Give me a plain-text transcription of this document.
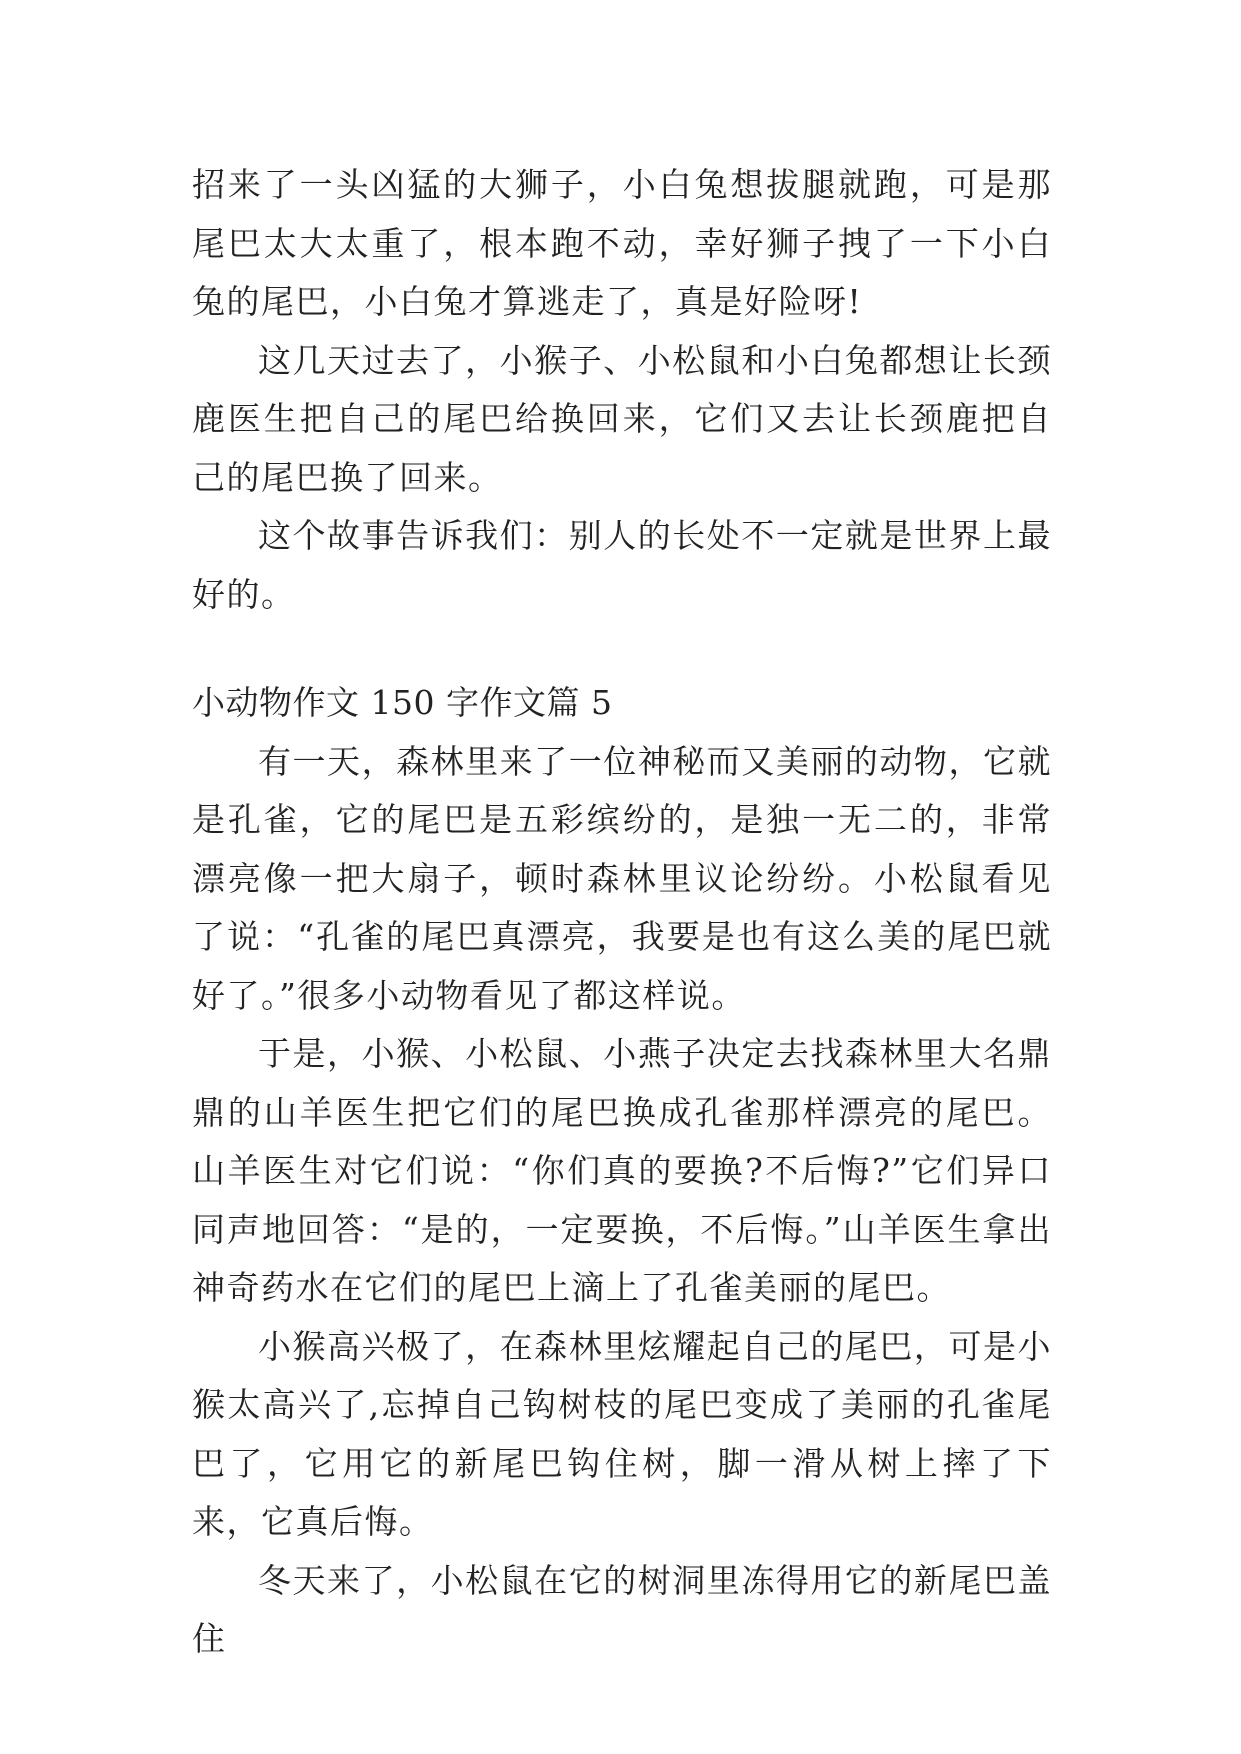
招来了一头凶猛的大狮子，小白兔想拔腿就跑，可是那尾巴太大太重了，根本跑不动，幸好狮子拽了一下小白兔的尾巴，小白兔才算逃走了，真是好险呀!

这几天过去了，小猴子、小松鼠和小白兔都想让长颈鹿医生把自己的尾巴给换回来，它们又去让长颈鹿把自己的尾巴换了回来。

这个故事告诉我们：别人的长处不一定就是世界上最好的。

小动物作文 150 字作文篇 5

有一天，森林里来了一位神秘而又美丽的动物，它就是孔雀，它的尾巴是五彩缤纷的，是独一无二的，非常漂亮像一把大扇子，顿时森林里议论纷纷。小松鼠看见了说：“孔雀的尾巴真漂亮，我要是也有这么美的尾巴就好了。”很多小动物看见了都这样说。

于是，小猴、小松鼠、小燕子决定去找森林里大名鼎鼎的山羊医生把它们的尾巴换成孔雀那样漂亮的尾巴。山羊医生对它们说：“你们真的要换?不后悔?”它们异口同声地回答：“是的，一定要换，不后悔。”山羊医生拿出神奇药水在它们的尾巴上滴上了孔雀美丽的尾巴。

小猴高兴极了，在森林里炫耀起自己的尾巴，可是小猴太高兴了,忘掉自己钩树枝的尾巴变成了美丽的孔雀尾巴了，它用它的新尾巴钩住树，脚一滑从树上摔了下来，它真后悔。

冬天来了，小松鼠在它的树洞里冻得用它的新尾巴盖住
